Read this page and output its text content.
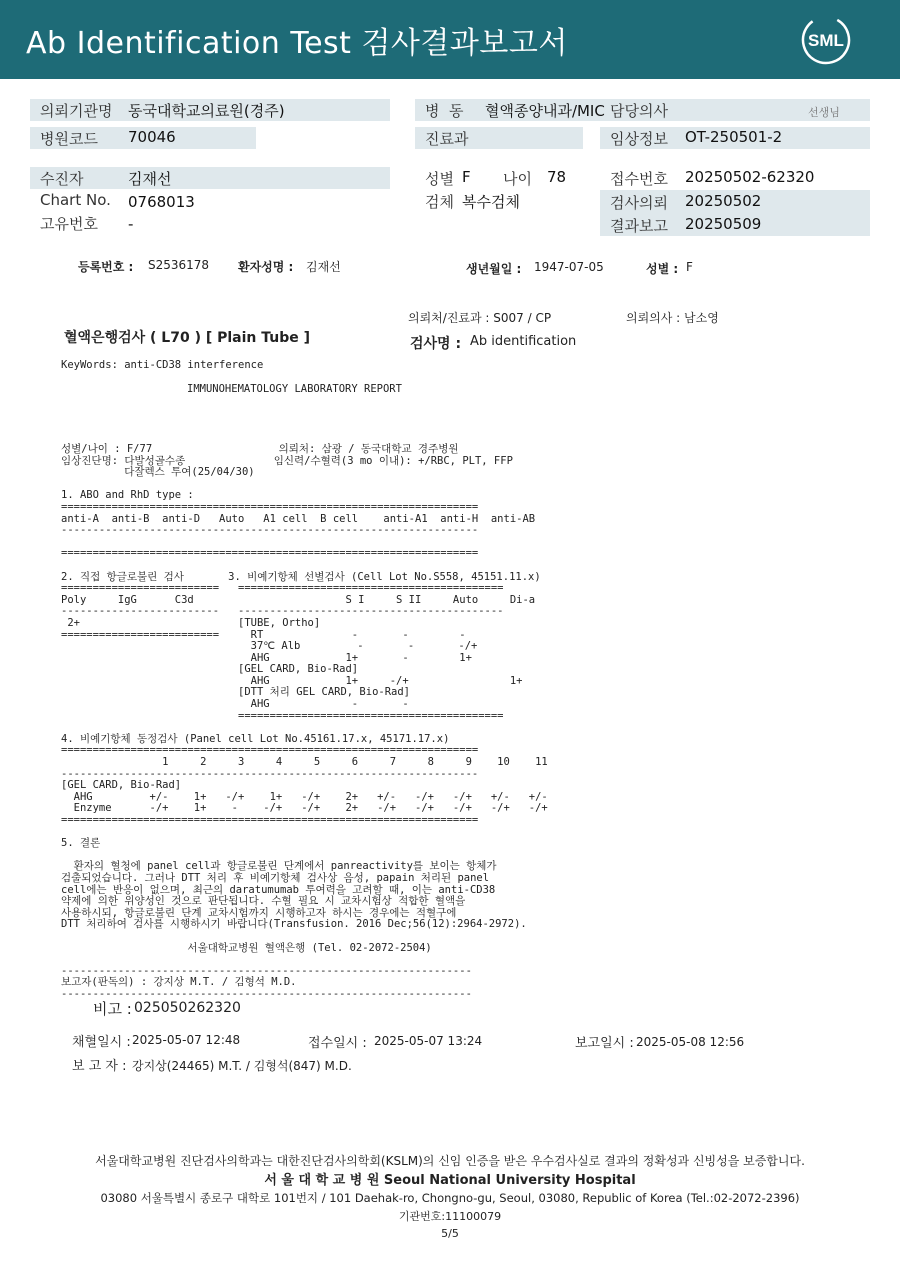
Ab Identification Test 검사결과보고서	SML
의뢰기관명 동국대학교의료원(경주)	병  동 혈액종양내과/MIC 담당의사	선생님
병원코드 70046	진료과	임상정보 OT-250501-2
수진자	김재선	성별 F 나이 78	접수번호 20250502-62320
Chart No. 0768013	검체 복수검체	검사의뢰 20250502
고유번호 -	결과보고 20250509
등록번호 : S2536178 환자성명 : 김재선	생년월일 : 1947-07-05	성별 : F
의뢰처/진료과 : S007 / CP	의뢰의사 : 남소영
혈액은행검사 ( L70 ) [ Plain Tube ]	검사명 : Ab identification
KeyWords: anti-CD38 interference
IMMUNOHEMATOLOGY LABORATORY REPORT

성별/나이 : F/77                    의뢰처: 삼광 / 동국대학교 경주병원
임상진단명: 다발성골수종              임신력/수혈력(3 mo 이내): +/RBC, PLT, FFP
다잘렉스 투여(25/04/30)
1. ABO and RhD type :
==================================================================
anti-A  anti-B  anti-D   Auto   A1 cell  B cell    anti-A1  anti-H  anti-AB
------------------------------------------------------------------
==================================================================
2. 직접 항글로불린 검사       3. 비예기항체 선별검사 (Cell Lot No.S558, 45151.11.x)
=========================   ==========================================
Poly     IgG      C3d                        S I     S II     Auto     Di-a
-------------------------   ------------------------------------------
2+                         [TUBE, Ortho]
=========================     RT              -       -        -
37℃ Alb         -       -       -/+
AHG            1+       -        1+
[GEL CARD, Bio-Rad]
AHG            1+     -/+                1+
[DTT 처리 GEL CARD, Bio-Rad]
AHG             -       -
==========================================
4. 비예기항체 동정검사 (Panel cell Lot No.45161.17.x, 45171.17.x)
==================================================================
1     2     3     4     5     6     7     8     9    10    11
------------------------------------------------------------------
[GEL CARD, Bio-Rad]
AHG         +/-    1+   -/+    1+   -/+    2+   +/-   -/+   -/+   +/-   +/-
Enzyme      -/+    1+    -    -/+   -/+    2+   -/+   -/+   -/+   -/+   -/+
==================================================================
5. 결론
환자의 혈청에 panel cell과 항글로불린 단계에서 panreactivity를 보이는 항체가
검출되었습니다. 그러나 DTT 처리 후 비예기항체 검사상 음성, papain 처리된 panel
cell에는 반응이 없으며, 최근의 daratumumab 투여력을 고려할 때, 이는 anti-CD38
약제에 의한 위양성인 것으로 판단됩니다. 수혈 필요 시 교차시험상 적합한 혈액을
사용하시되, 항글로불린 단계 교차시험까지 시행하고자 하시는 경우에는 적혈구에
DTT 처리하여 검사를 시행하시기 바랍니다(Transfusion. 2016 Dec;56(12):2964-2972).
서울대학교병원 혈액은행 (Tel. 02-2072-2504)
-----------------------------------------------------------------
보고자(판독의) : 강지상 M.T. / 김형석 M.D.
-----------------------------------------------------------------

비고 : 025050262320
채혈일시 : 2025-05-07 12:48	접수일시 : 2025-05-07 13:24	보고일시 : 2025-05-08 12:56
보 고 자 : 강지상(24465) M.T. / 김형석(847) M.D.
서울대학교병원 진단검사의학과는 대한진단검사의학회(KSLM)의 신임 인증을 받은 우수검사실로 결과의 정확성과 신빙성을 보증합니다.
서 울 대 학 교 병 원 Seoul National University Hospital
03080 서울특별시 종로구 대학로 101번지 / 101 Daehak-ro, Chongno-gu, Seoul, 03080, Republic of Korea (Tel.:02-2072-2396)
기관번호:11100079
5/5
